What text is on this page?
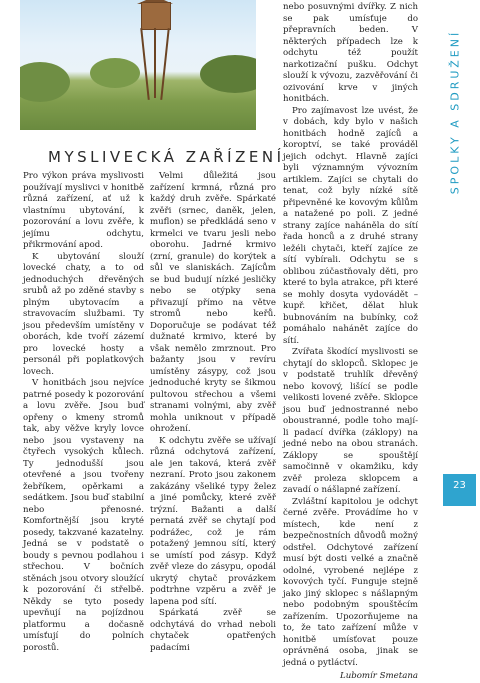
MYSLIVECKÁ ZAŘÍZENÍ

Pro výkon práva myslivosti používají myslivci v honitbě různá zařízení, ať už k vlastnímu ubytování, k pozorování a lovu zvěře, k jejímu odchytu, přikrmování apod.

K ubytování slouží lovecké chaty, a to od jednoduchých dřevěných srubů až po zděné stavby s plným ubytovacím a stravovacím službami. Ty jsou především umístěny v oborách, kde tvoří zázemí pro lovecké hosty a personál při poplatkových lovech.

V honitbách jsou nejvíce patrné posedy k pozorování a lovu zvěře. Jsou buď opřeny o kmeny stromů tak, aby věžve kryly lovce nebo jsou vystaveny na čtyřech vysokých kůlech. Ty jednodušší jsou otevřené a jsou tvořeny žebříkem, opěrkami a sedátkem. Jsou buď stabilní nebo přenosné. Komfortnější jsou kryté posedy, takzvané kazatelny. Jedná se v podstatě o boudy s pevnou podlahou i střechou. V bočních stěnách jsou otvory sloužící k pozorování či střelbě. Někdy se tyto posedy upevňují na pojízdnou platformu a dočasně umísťují do polních porostů.

Velmi důležitá jsou zařízení krmná, různá pro každý druh zvěře. Spárkaté zvěři (srnec, daněk, jelen, muflon) se předkládá seno v krmelci ve tvaru jesli nebo oborohu. Jadrné krmivo (zrní, granule) do korýtek a sůl ve slaniskách. Zajícům se bud budují nízké jesličky nebo se otýpky sena přivazují přímo na větve stromů nebo keřů. Doporučuje se podávat též dužnaté krmivo, které by však nemělo zmrznout. Pro bažanty jsou v revíru umístěny zásypy, což jsou jednoduché kryty se šikmou pultovou střechou a všemi stranami volnými, aby zvěř mohla uniknout v případě ohrožení.

K odchytu zvěře se užívají různá odchytová zařízení, ale jen taková, která zvěř nezraní. Proto jsou zakonem zakázány všeliké typy želez a jiné pomůcky, které zvěř trýzní. Bažanti a další pernatá zvěř se chytají pod podrážec, což je rám potažený jemnou sítí, který se umístí pod zásyp. Když zvěř vleze do zásypu, opodál ukrytý chytač provázkem podtrhne vzpěru a zvěř je lapena pod sítí.

Spárkatá zvěř se odchytává do vrhad neboli chytaček opatřených padacími

nebo posuvnými dvířky. Z nich se pak umísťuje do přepravních beden. V některých případech lze k odchytu též použít narkotizační pušku. Odchyt slouží k vývozu, zazvěřování či ozivování krve v jiných honitbách.

Pro zajímavost lze uvést, že v dobách, kdy bylo v našich honitbách hodně zajíců a koroptví, se také prováděl jejich odchyt. Hlavně zajíci byli významným vývozním artiklem. Zajíci se chytali do tenat, což byly nízké sítě připevněné ke kovovým kůlům a natažené po poli. Z jedné strany zajíce naháněla do sítí řada honců a z druhé strany ležéli chytači, kteří zajíce ze sítí vybírali. Odchytu se s oblibou zúčastňovaly děti, pro které to byla atrakce, při které se mohly dosyta vydovádět – kupř. křičet, dělat hluk bubnováním na bubínky, což pomáhalo nahánět zajíce do sítí.

Zvířata škodící myslivosti se chytají do sklopců. Sklopec je v podstatě truhlík dřevěný nebo kovový, lišící se podle velikosti lovené zvěře. Sklopce jsou buď jednostranné nebo oboustranné, podle toho mají-li padací dvířka (záklopy) na jedné nebo na obou stranách. Záklopy se spouštějí samočinně v okamžiku, kdy zvěř proleza sklopcem a zavadí o nášlapné zařízení.

Zvláštní kapitolou je odchyt černé zvěře. Provádíme ho v místech, kde není z bezpečnostních důvodů možný odstřel. Odchytové zařízení musí být dosti velké a značně odolné, vyrobené nejlépe z kovových tyčí. Funguje stejně jako jiný sklopec s nášlapným nebo podobným spouštěcím zařízením. Upozorňujeme na to, že tato zařízení může v honitbě umísťovat pouze oprávněná osoba, jinak se jedná o pytláctví.

Lubomír Smetana
SPOLKY A SDRUŽENÍ
23
